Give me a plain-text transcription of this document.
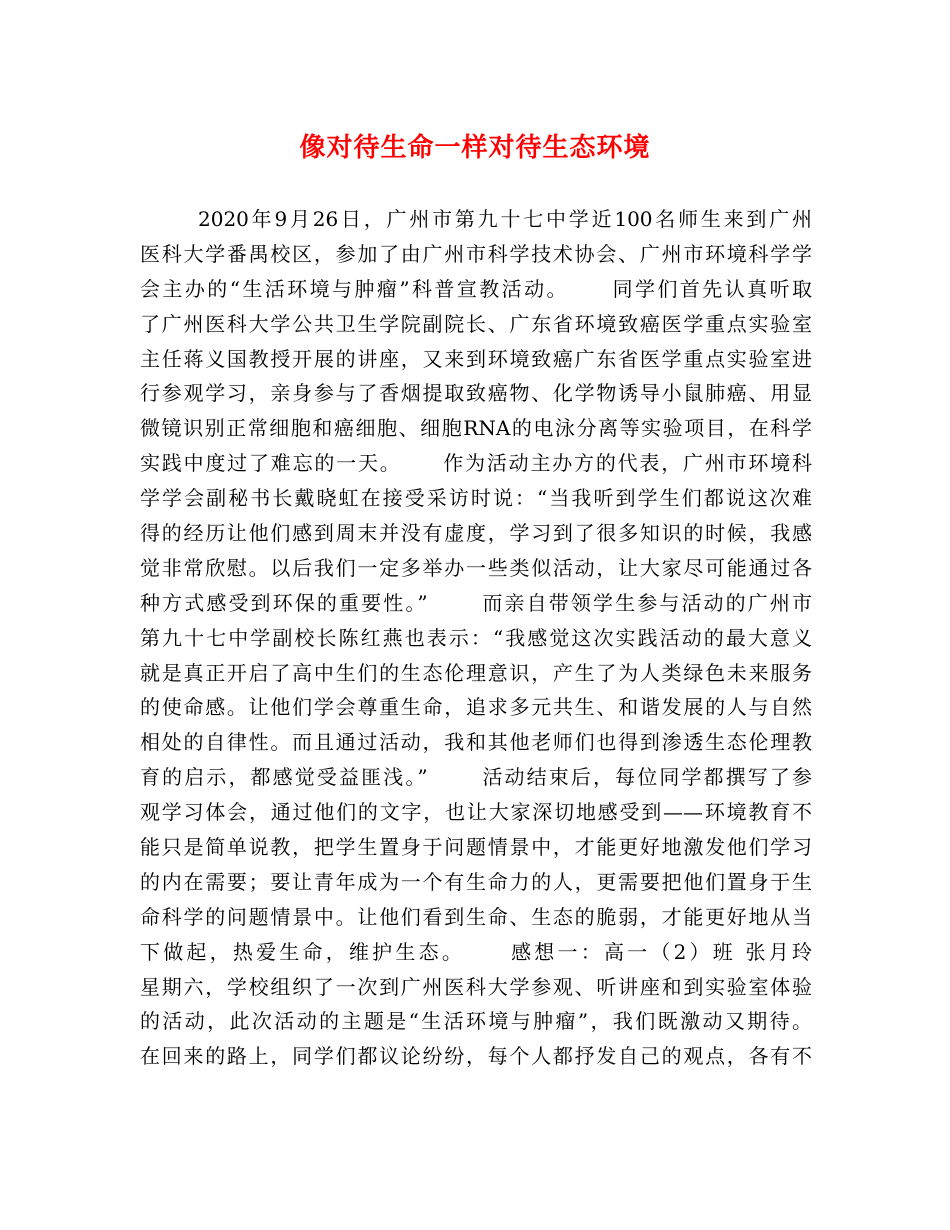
像对待生命一样对待生态环境
2020年9月26日，广州市第九十七中学近100名师生来到广州
医科大学番禺校区，参加了由广州市科学技术协会、广州市环境科学学
会主办的“生活环境与肿瘤”科普宣教活动。　　 同学们首先认真听取
了广州医科大学公共卫生学院副院长、广东省环境致癌医学重点实验室
主任蒋义国教授开展的讲座，又来到环境致癌广东省医学重点实验室进
行参观学习，亲身参与了香烟提取致癌物、化学物诱导小鼠肺癌、用显
微镜识别正常细胞和癌细胞、细胞RNA的电泳分离等实验项目，在科学
实践中度过了难忘的一天。　　 作为活动主办方的代表，广州市环境科
学学会副秘书长戴晓虹在接受采访时说：“当我听到学生们都说这次难
得的经历让他们感到周末并没有虚度，学习到了很多知识的时候，我感
觉非常欣慰。以后我们一定多举办一些类似活动，让大家尽可能通过各
种方式感受到环保的重要性。”　　 而亲自带领学生参与活动的广州市
第九十七中学副校长陈红燕也表示：“我感觉这次实践活动的最大意义
就是真正开启了高中生们的生态伦理意识，产生了为人类绿色未来服务
的使命感。让他们学会尊重生命，追求多元共生、和谐发展的人与自然
相处的自律性。而且通过活动，我和其他老师们也得到渗透生态伦理教
育的启示，都感觉受益匪浅。”　　 活动结束后，每位同学都撰写了参
观学习体会，通过他们的文字，也让大家深切地感受到——环境教育不
能只是简单说教，把学生置身于问题情景中，才能更好地激发他们学习
的内在需要；要让青年成为一个有生命力的人，更需要把他们置身于生
命科学的问题情景中。让他们看到生命、生态的脆弱，才能更好地从当
下做起，热爱生命，维护生态。　　 感想一：高一（2）班 张月玲
星期六，学校组织了一次到广州医科大学参观、听讲座和到实验室体验
的活动，此次活动的主题是“生活环境与肿瘤”，我们既激动又期待。
在回来的路上，同学们都议论纷纷，每个人都抒发自己的观点，各有不
